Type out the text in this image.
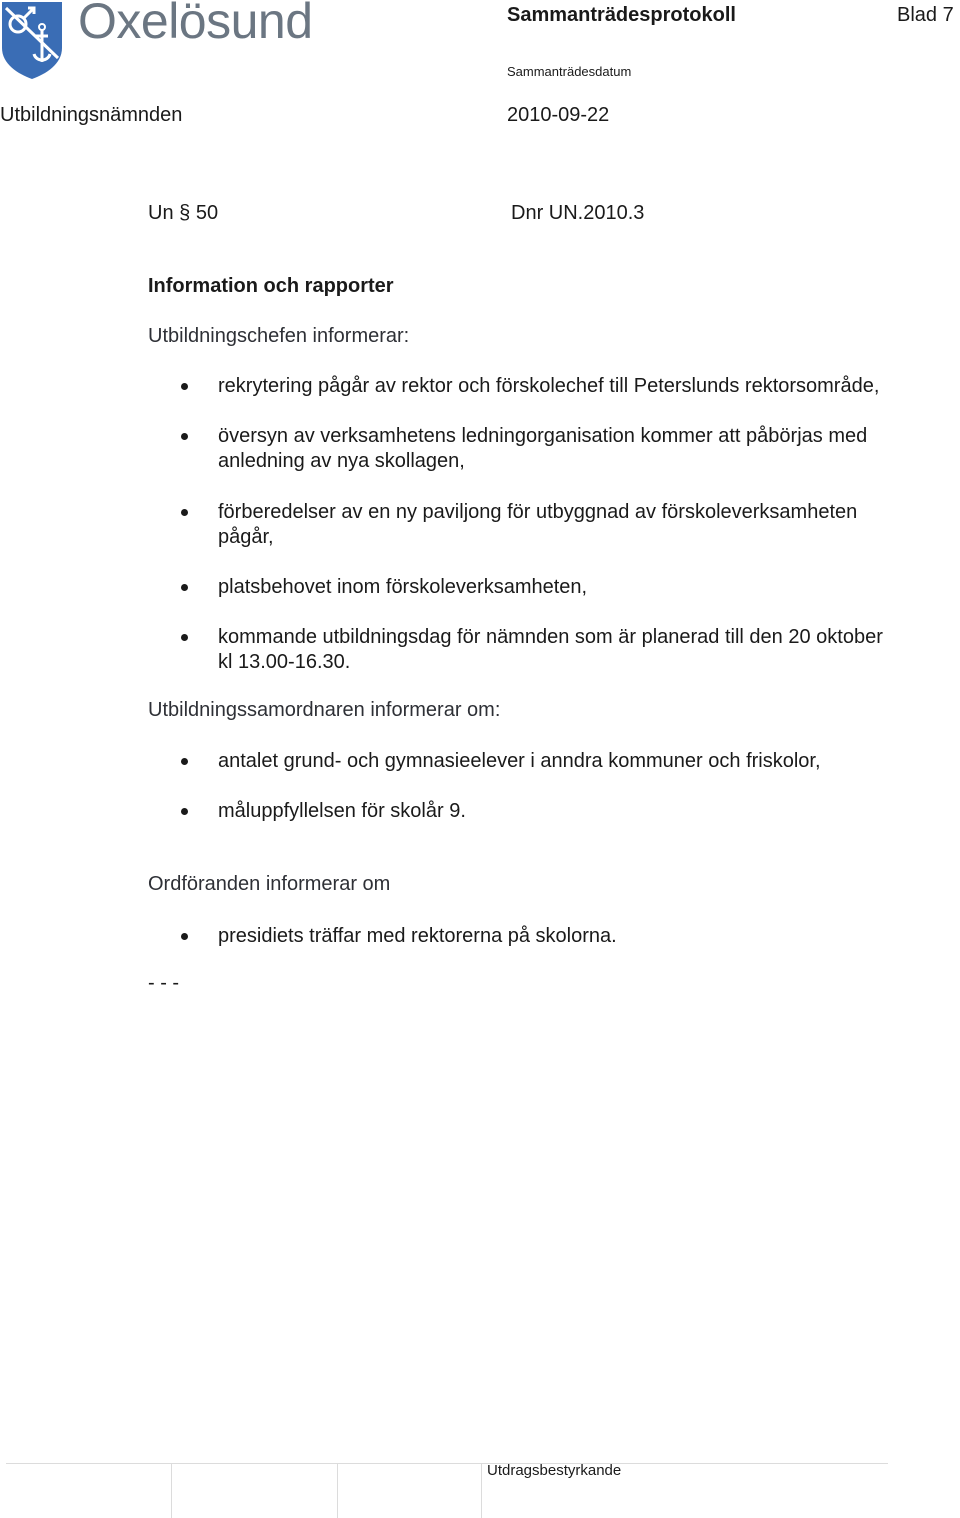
Oxelösund	Sammanträdesprotokoll	Blad 7
Sammanträdesdatum
Utbildningsnämnden	2010-09-22
Un § 50	Dnr UN.2010.3
Information och rapporter
Utbildningschefen informerar:
rekrytering pågår av rektor och förskolechef till Peterslunds rektorsområde,
översyn av verksamhetens ledningorganisation kommer att påbörjas med
anledning av nya skollagen,
förberedelser av en ny paviljong för utbyggnad av förskoleverksamheten
pågår,
platsbehovet inom förskoleverksamheten,
kommande utbildningsdag för nämnden som är planerad till den 20 oktober
kl 13.00-16.30.
Utbildningssamordnaren informerar om:
antalet grund- och gymnasieelever i anndra kommuner och friskolor,
måluppfyllelsen för skolår 9.
Ordföranden informerar om
presidiets träffar med rektorerna på skolorna.
- - -
Utdragsbestyrkande
